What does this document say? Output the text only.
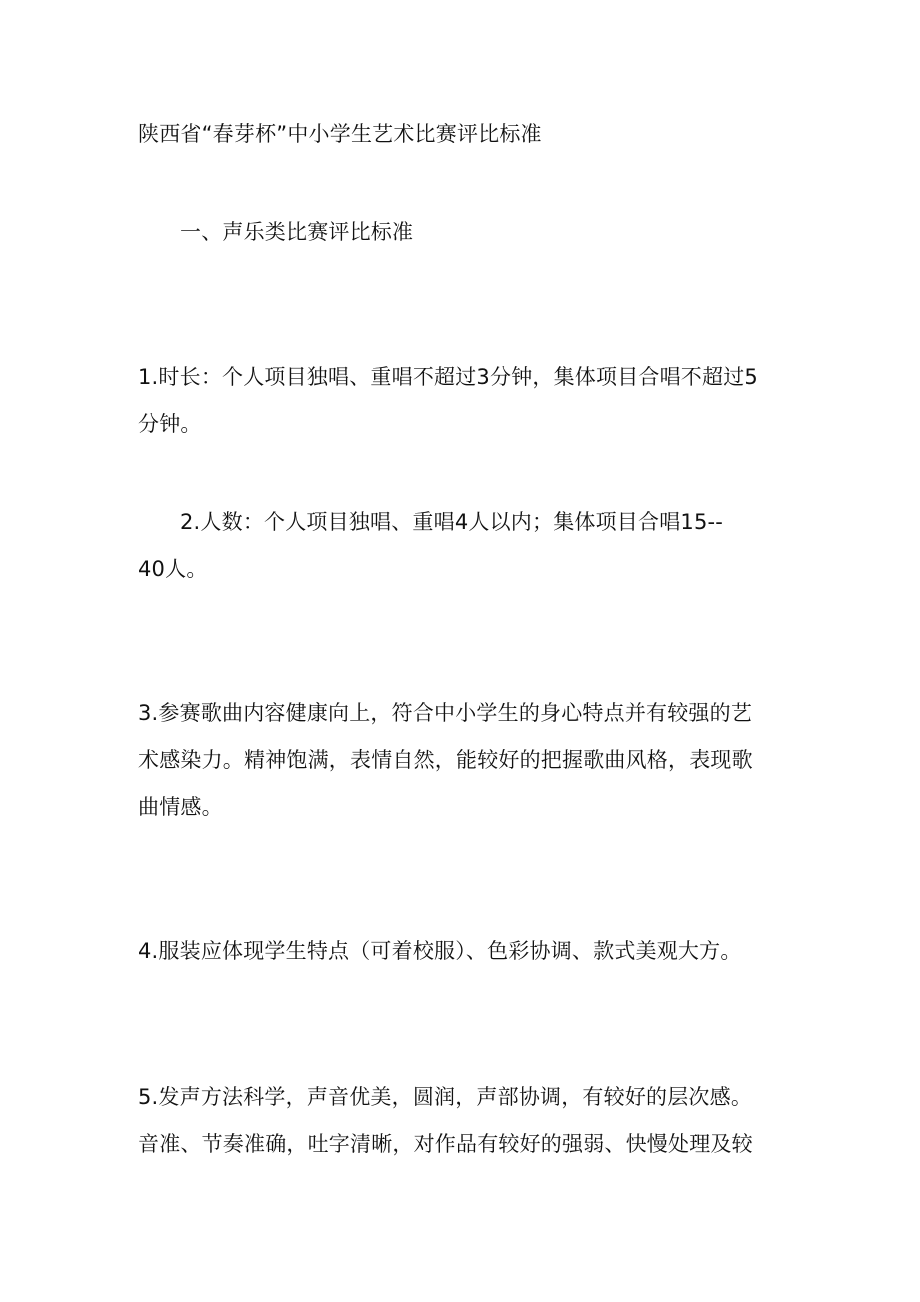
陕西省“春芽杯”中小学生艺术比赛评比标准
一、声乐类比赛评比标准
1.时长：个人项目独唱、重唱不超过3分钟，集体项目合唱不超过5
分钟。
2.人数：个人项目独唱、重唱4人以内；集体项目合唱15--
40人。
3.参赛歌曲内容健康向上，符合中小学生的身心特点并有较强的艺
术感染力。精神饱满，表情自然，能较好的把握歌曲风格，表现歌
曲情感。
4.服装应体现学生特点（可着校服）、色彩协调、款式美观大方。
5.发声方法科学，声音优美，圆润，声部协调，有较好的层次感。
音准、节奏准确，吐字清晰，对作品有较好的强弱、快慢处理及较
